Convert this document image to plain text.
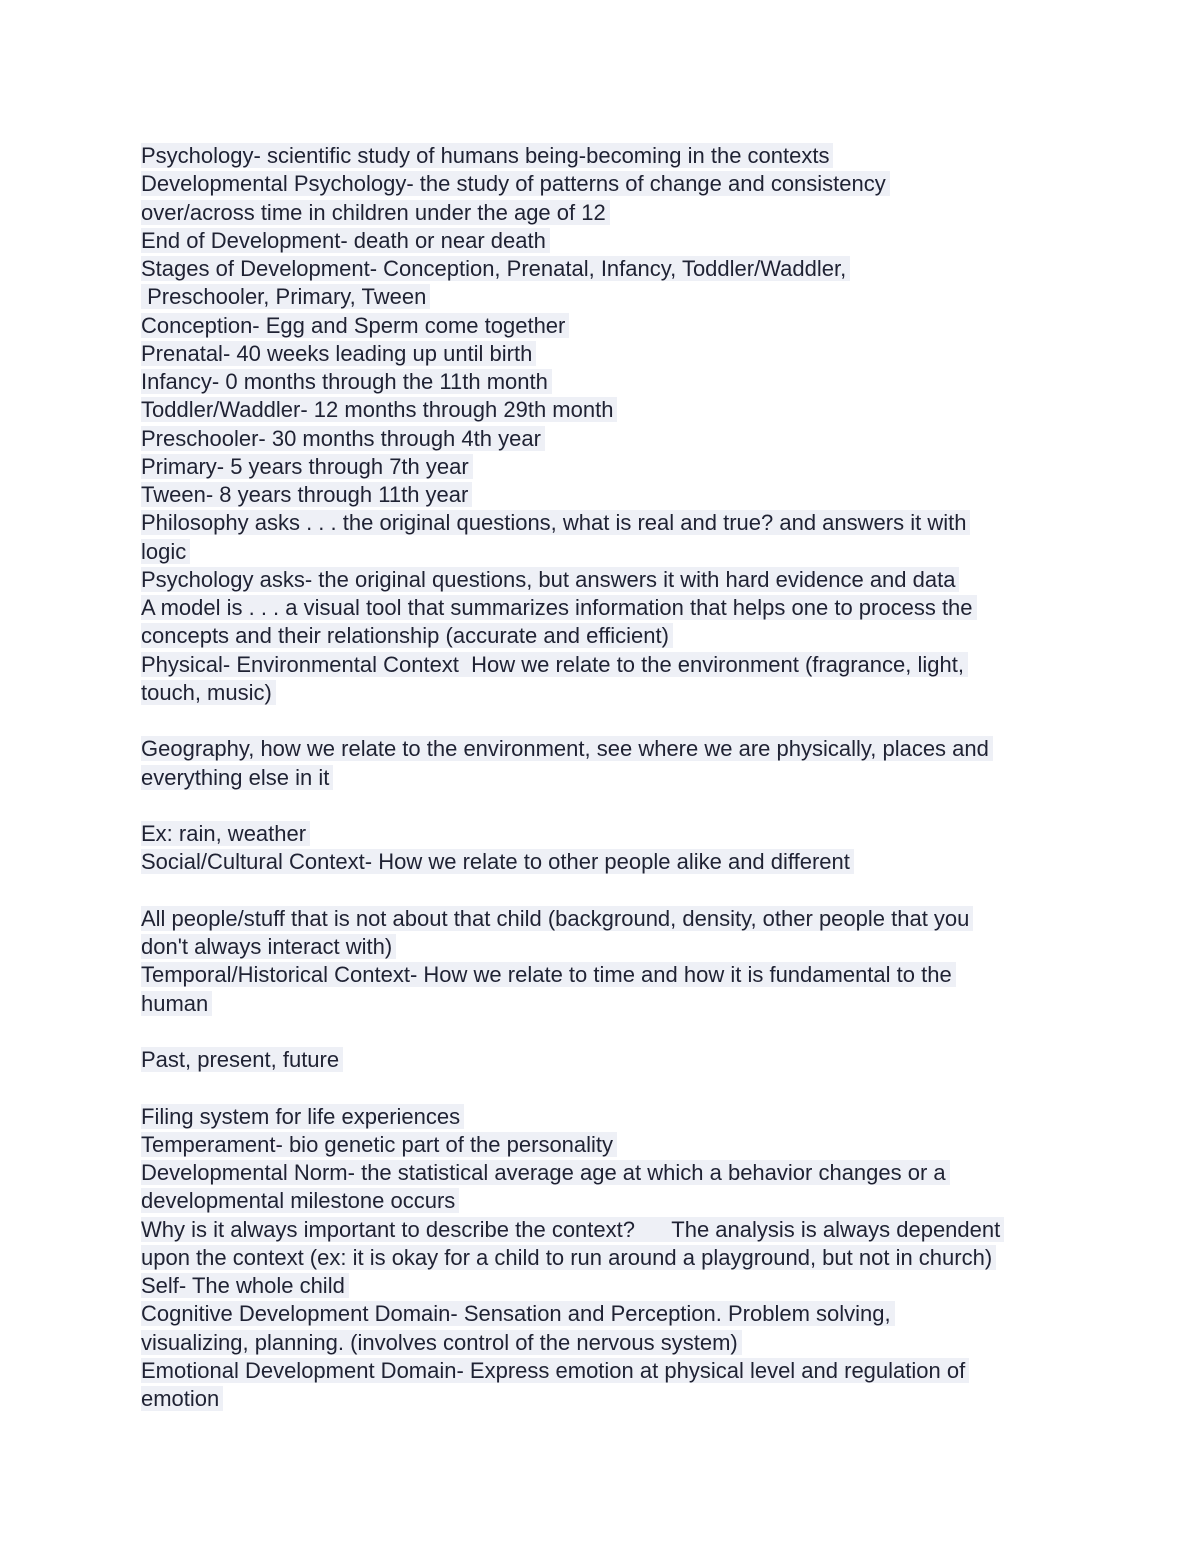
Psychology- scientific study of humans being-becoming in the contexts
Developmental Psychology- the study of patterns of change and consistency
over/across time in children under the age of 12
End of Development- death or near death
Stages of Development- Conception, Prenatal, Infancy, Toddler/Waddler,
Preschooler, Primary, Tween
Conception- Egg and Sperm come together
Prenatal- 40 weeks leading up until birth
Infancy- 0 months through the 11th month
Toddler/Waddler- 12 months through 29th month
Preschooler- 30 months through 4th year
Primary- 5 years through 7th year
Tween- 8 years through 11th year
Philosophy asks . . . the original questions, what is real and true? and answers it with
logic
Psychology asks- the original questions, but answers it with hard evidence and data
A model is . . . a visual tool that summarizes information that helps one to process the
concepts and their relationship (accurate and efficient)
Physical- Environmental Context  How we relate to the environment (fragrance, light,
touch, music)
Geography, how we relate to the environment, see where we are physically, places and
everything else in it
Ex: rain, weather
Social/Cultural Context- How we relate to other people alike and different
All people/stuff that is not about that child (background, density, other people that you
don't always interact with)
Temporal/Historical Context- How we relate to time and how it is fundamental to the
human
Past, present, future
Filing system for life experiences
Temperament- bio genetic part of the personality
Developmental Norm- the statistical average age at which a behavior changes or a
developmental milestone occurs
Why is it always important to describe the context?      The analysis is always dependent
upon the context (ex: it is okay for a child to run around a playground, but not in church)
Self- The whole child
Cognitive Development Domain- Sensation and Perception. Problem solving,
visualizing, planning. (involves control of the nervous system)
Emotional Development Domain- Express emotion at physical level and regulation of
emotion
